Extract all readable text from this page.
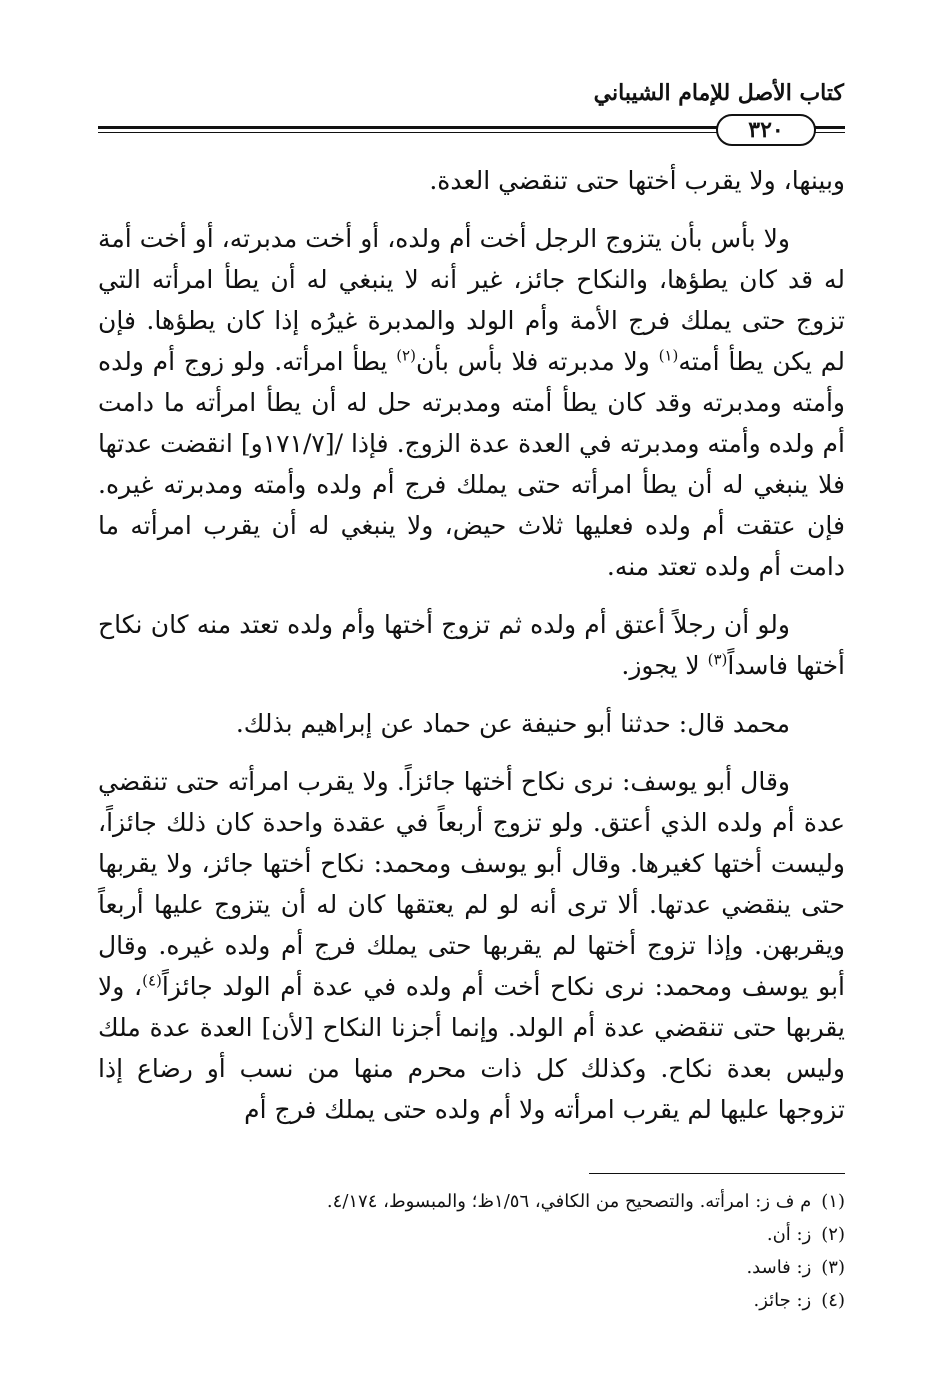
كتاب الأصل للإمام الشيباني
٣٢٠

وبينها، ولا يقرب أختها حتى تنقضي العدة.

ولا بأس بأن يتزوج الرجل أخت أم ولده، أو أخت مدبرته، أو أخت أمة له قد كان يطؤها، والنكاح جائز، غير أنه لا ينبغي له أن يطأ امرأته التي تزوج حتى يملك فرج الأمة وأم الولد والمدبرة غيرُه إذا كان يطؤها. فإن لم يكن يطأ أمته$^{(١)}$ ولا مدبرته فلا بأس بأن$^{(٢)}$ يطأ امرأته. ولو زوج أم ولده وأمته ومدبرته وقد كان يطأ أمته ومدبرته حل له أن يطأ امرأته ما دامت أم ولده وأمته ومدبرته في العدة عدة الزوج. فإذا /[١٧١/٧و] انقضت عدتها فلا ينبغي له أن يطأ امرأته حتى يملك فرج أم ولده وأمته ومدبرته غيره. فإن عتقت أم ولده فعليها ثلاث حيض، ولا ينبغي له أن يقرب امرأته ما دامت أم ولده تعتد منه.

ولو أن رجلاً أعتق أم ولده ثم تزوج أختها وأم ولده تعتد منه كان نكاح أختها فاسداً$^{(٣)}$ لا يجوز.

محمد قال: حدثنا أبو حنيفة عن حماد عن إبراهيم بذلك.

وقال أبو يوسف: نرى نكاح أختها جائزاً. ولا يقرب امرأته حتى تنقضي عدة أم ولده الذي أعتق. ولو تزوج أربعاً في عقدة واحدة كان ذلك جائزاً، وليست أختها كغيرها. وقال أبو يوسف ومحمد: نكاح أختها جائز، ولا يقربها حتى ينقضي عدتها. ألا ترى أنه لو لم يعتقها كان له أن يتزوج عليها أربعاً ويقربهن. وإذا تزوج أختها لم يقربها حتى يملك فرج أم ولده غيره. وقال أبو يوسف ومحمد: نرى نكاح أخت أم ولده في عدة أم الولد جائزاً$^{(٤)}$، ولا يقربها حتى تنقضي عدة أم الولد. وإنما أجزنا النكاح [لأن] العدة عدة ملك وليس بعدة نكاح. وكذلك كل ذات محرم منها من نسب أو رضاع إذا تزوجها عليها لم يقرب امرأته ولا أم ولده حتى يملك فرج أم

(١)
م ف ز: امرأته. والتصحيح من الكافي، ١/٥٦ظ؛ والمبسوط، ٤/١٧٤.
(٢)
ز: أن.
(٣)
ز: فاسد.
(٤)
ز: جائز.
